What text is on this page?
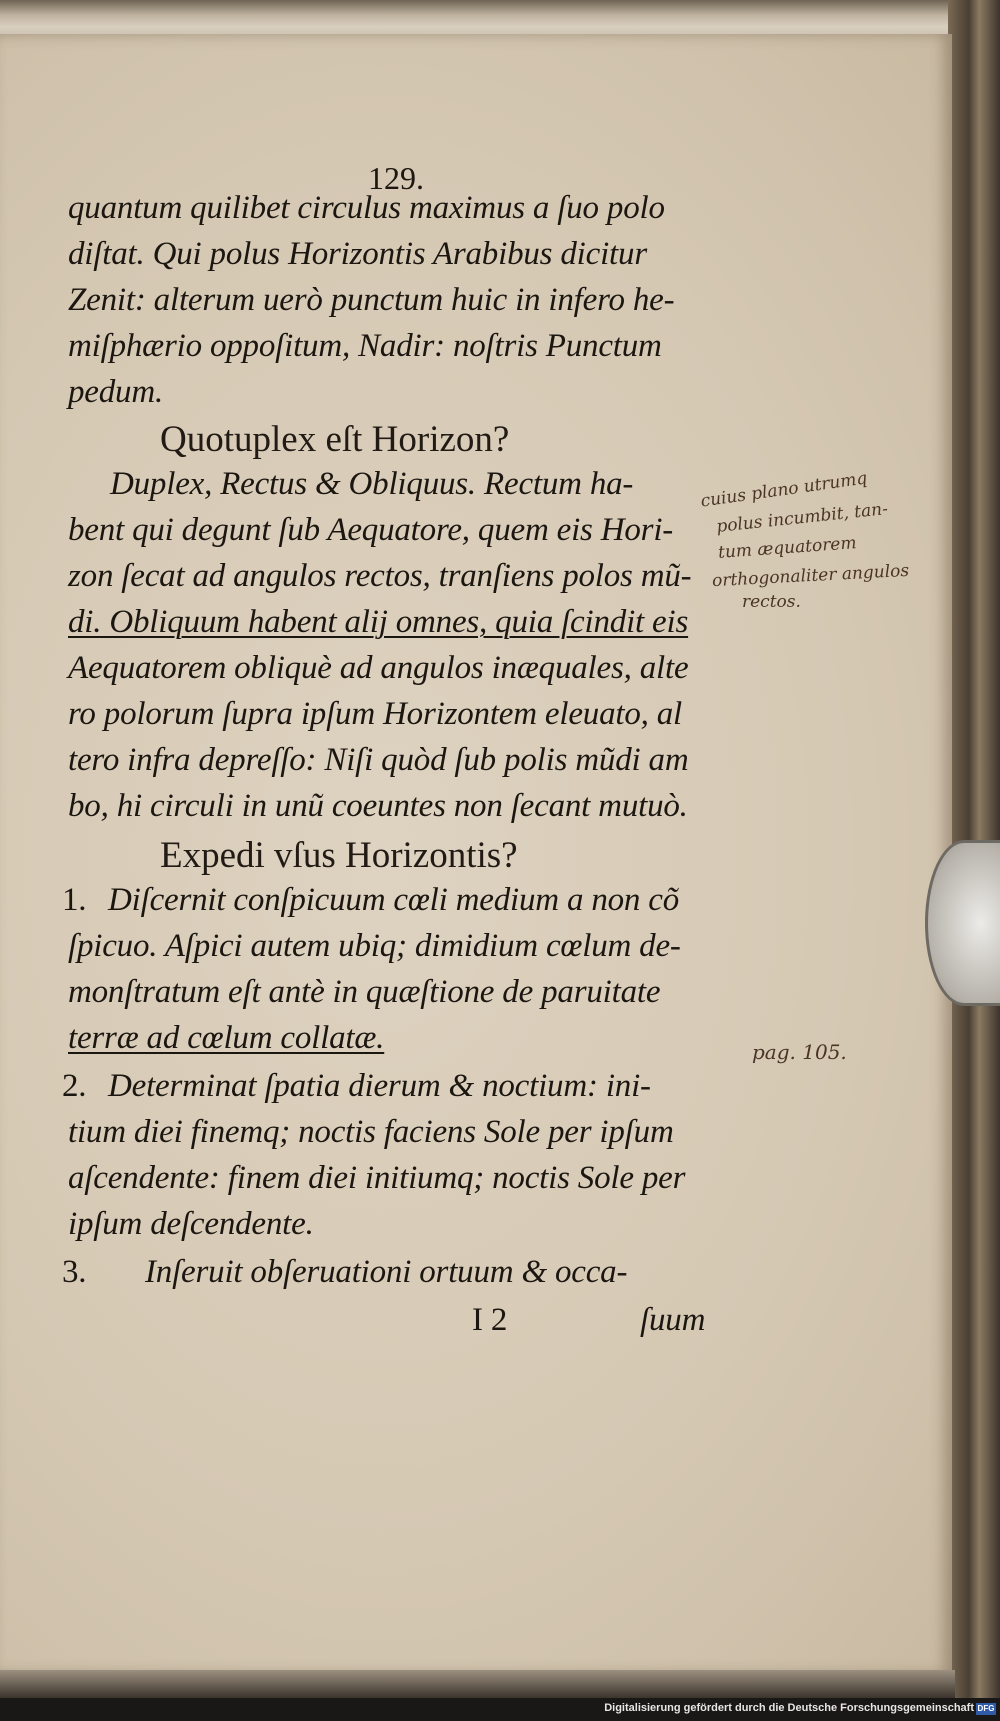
129.
quantum quilibet circulus maximus a ſuo polo
diſtat. Qui polus Horizontis Arabibus dicitur
Zenit: alterum uerò punctum huic in infero he-
miſphærio oppoſitum, Nadir: noſtris Punctum
pedum.
Quotuplex eſt Horizon?
Duplex, Rectus & Obliquus. Rectum ha-
bent qui degunt ſub Aequatore, quem eis Hori-
zon ſecat ad angulos rectos, tranſiens polos mũ-
di. Obliquum habent alij omnes, quia ſcindit eis
Aequatorem obliquè ad angulos inæquales, alte
ro polorum ſupra ipſum Horizontem eleuato, al
tero infra depreſſo: Niſi quòd ſub polis mũdi am
bo, hi circuli in unũ coeuntes non ſecant mutuò.
Expedi vſus Horizontis?
1. Diſcernit conſpicuum cœli medium a non cõ
ſpicuo. Aſpici autem ubiq; dimidium cœlum de-
monſtratum eſt antè in quæſtione de paruitate
terræ ad cœlum collatæ.
2. Determinat ſpatia dierum & noctium: ini-
tium diei finemq; noctis faciens Sole per ipſum
aſcendente: finem diei initiumq; noctis Sole per
ipſum deſcendente.
3. Inſeruit obſeruationi ortuum & occa-
I 2	ſuum
cuius plano utrumq
polus incumbit, tan-
tum æquatorem
orthogonaliter angulos
rectos.
pag. 105.
Digitalisierung gefördert durch die Deutsche Forschungsgemeinschaft DFG
